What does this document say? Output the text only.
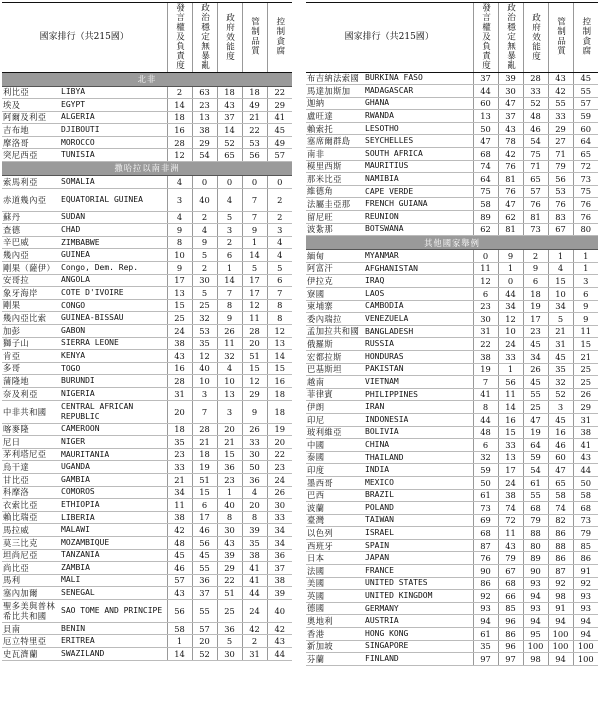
國家排行（共215國）		發言權及負責度	政治穩定無暴亂	政府效能度	管制品質	控制貪腐
北非						
利比亞	LIBYA	2	63	18	18	22
埃及	EGYPT	14	23	43	49	29
阿爾及利亞	ALGERIA	18	13	37	21	41
吉布地	DJIBOUTI	16	38	14	22	45
摩洛哥	MOROCCO	28	29	52	53	49
突尼西亞	TUNISIA	12	54	65	56	57
撒哈拉以南非洲						
索馬利亞	SOMALIA	4	0	0	0	0
赤道幾內亞	EQUATORIAL GUINEA	3	40	4	7	2
蘇丹	SUDAN	4	2	5	7	2
查德	CHAD	9	4	3	9	3
辛巴威	ZIMBABWE	8	9	2	1	4
幾內亞	GUINEA	10	5	6	14	4
剛果（薩伊）	Congo, Dem. Rep.	9	2	1	5	5
安哥拉	ANGOLA	17	30	14	17	6
象牙海岸	COTE D'IVOIRE	13	5	7	17	7
剛果	CONGO	15	25	8	12	8
幾內亞比索	GUINEA-BISSAU	25	32	9	11	8
加彭	GABON	24	53	26	28	12
獅子山	SIERRA LEONE	38	35	11	20	13
肯亞	KENYA	43	12	32	51	14
多哥	TOGO	16	40	4	15	15
蒲隆地	BURUNDI	28	10	10	12	16
奈及利亞	NIGERIA	31	3	13	29	18
中非共和國	CENTRAL AFRICAN REPUBLIC	20	7	3	9	18
喀麥隆	CAMEROON	18	28	20	26	19
尼日	NIGER	35	21	21	33	20
茅利塔尼亞	MAURITANIA	23	18	15	30	22
烏干達	UGANDA	33	19	36	50	23
甘比亞	GAMBIA	21	51	23	36	24
科摩洛	COMOROS	34	15	1	4	26
衣索比亞	ETHIOPIA	11	6	40	20	30
賴比瑞亞	LIBERIA	38	17	8	8	33
馬拉威	MALAWI	42	46	30	39	34
莫三比克	MOZAMBIQUE	48	56	43	35	34
坦尚尼亞	TANZANIA	45	45	39	38	36
尚比亞	ZAMBIA	46	55	29	41	37
馬利	MALI	57	36	22	41	38
塞內加爾	SENEGAL	43	37	51	44	39
聖多美與普林希比共和國	SAO TOME AND PRINCIPE	56	55	25	24	40
貝南	BENIN	58	57	36	42	42
厄立特里亞	ERITREA	1	20	5	2	43
史瓦濟蘭	SWAZILAND	14	52	30	31	44
國家排行（共215國）		發言權及負責度	政治穩定無暴亂	政府效能度	管制品質	控制貪腐
布吉納法索國	BURKINA FASO	37	39	28	43	45
馬達加斯加	MADAGASCAR	44	30	33	42	55
迦納	GHANA	60	47	52	55	57
盧旺達	RWANDA	13	37	48	33	59
賴索托	LESOTHO	50	43	46	29	60
塞席爾群島	SEYCHELLES	47	78	54	27	64
南非	SOUTH AFRICA	68	42	75	71	65
模里西斯	MAURITIUS	74	76	71	79	72
那米比亞	NAMIBIA	64	81	65	56	73
維德角	CAPE VERDE	75	76	57	53	75
法屬圭亞那	FRENCH GUIANA	58	47	76	76	76
留尼旺	REUNION	89	62	81	83	76
波紮那	BOTSWANA	62	81	73	67	80
其他國家舉例						
緬甸	MYANMAR	0	9	2	1	1
阿富汗	AFGHANISTAN	11	1	9	4	1
伊拉克	IRAQ	12	0	6	15	3
寮國	LAOS	6	44	18	10	6
柬埔寨	CAMBODIA	23	34	19	34	9
委內瑞拉	VENEZUELA	30	12	17	5	9
孟加拉共和國	BANGLADESH	31	10	23	21	11
俄羅斯	RUSSIA	22	24	45	31	15
宏都拉斯	HONDURAS	38	33	34	45	21
巴基斯坦	PAKISTAN	19	1	26	35	25
越南	VIETNAM	7	56	45	32	25
菲律賓	PHILIPPINES	41	11	55	52	26
伊朗	IRAN	8	14	25	3	29
印尼	INDONESIA	44	16	47	45	31
玻利維亞	BOLIVIA	48	15	19	16	38
中國	CHINA	6	33	64	46	41
泰國	THAILAND	32	13	59	60	43
印度	INDIA	59	17	54	47	44
墨西哥	MEXICO	50	24	61	65	50
巴西	BRAZIL	61	38	55	58	58
波蘭	POLAND	73	74	68	74	68
臺灣	TAIWAN	69	72	79	82	73
以色列	ISRAEL	68	11	88	86	79
西班牙	SPAIN	87	43	80	88	85
日本	JAPAN	76	79	89	86	86
法國	FRANCE	90	67	90	87	91
美國	UNITED STATES	86	68	93	92	92
英國	UNITED KINGDOM	92	66	94	98	93
德國	GERMANY	93	85	93	91	93
奧地利	AUSTRIA	94	96	94	94	94
香港	HONG KONG	61	86	95	100	94
新加坡	SINGAPORE	35	96	100	100	100
芬蘭	FINLAND	97	97	98	94	100
